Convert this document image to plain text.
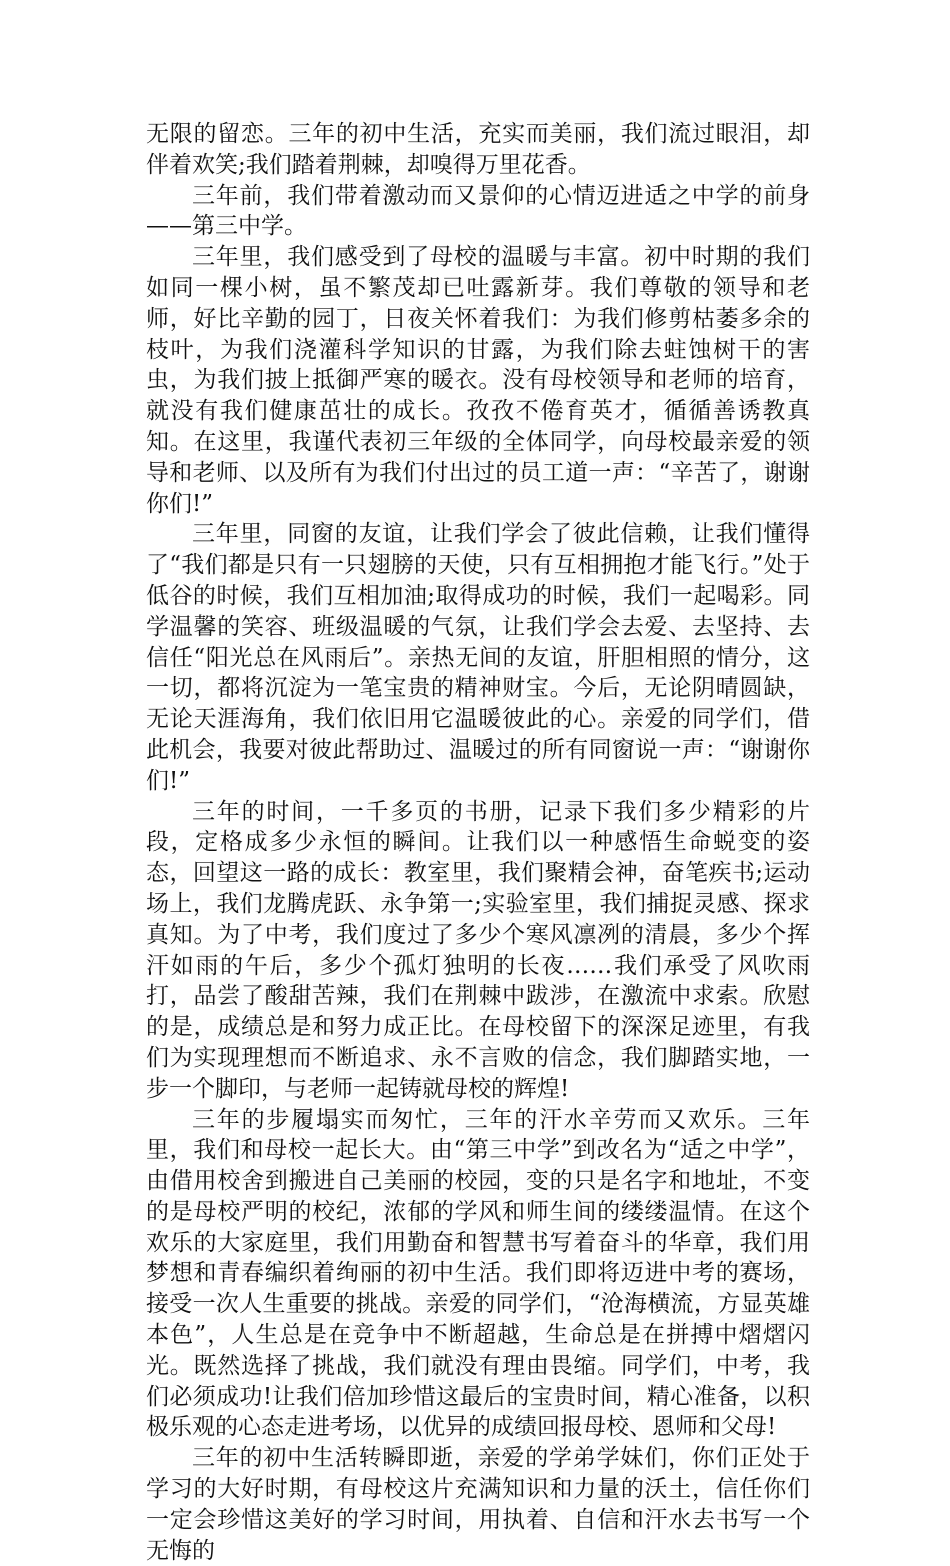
无限的留恋。三年的初中生活，充实而美丽，我们流过眼泪，却伴着欢笑;我们踏着荆棘，却嗅得万里花香。

三年前，我们带着激动而又景仰的心情迈进适之中学的前身——第三中学。

三年里，我们感受到了母校的温暖与丰富。初中时期的我们如同一棵小树，虽不繁茂却已吐露新芽。我们尊敬的领导和老师，好比辛勤的园丁，日夜关怀着我们：为我们修剪枯萎多余的枝叶，为我们浇灌科学知识的甘露，为我们除去蛀蚀树干的害虫，为我们披上抵御严寒的暖衣。没有母校领导和老师的培育，就没有我们健康茁壮的成长。孜孜不倦育英才，循循善诱教真知。在这里，我谨代表初三年级的全体同学，向母校最亲爱的领导和老师、以及所有为我们付出过的员工道一声：“辛苦了，谢谢你们!”

三年里，同窗的友谊，让我们学会了彼此信赖，让我们懂得了“我们都是只有一只翅膀的天使，只有互相拥抱才能飞行。”处于低谷的时候，我们互相加油;取得成功的时候，我们一起喝彩。同学温馨的笑容、班级温暖的气氛，让我们学会去爱、去坚持、去信任“阳光总在风雨后”。亲热无间的友谊，肝胆相照的情分，这一切，都将沉淀为一笔宝贵的精神财宝。今后，无论阴晴圆缺，无论天涯海角，我们依旧用它温暖彼此的心。亲爱的同学们，借此机会，我要对彼此帮助过、温暖过的所有同窗说一声：“谢谢你们!”

三年的时间，一千多页的书册，记录下我们多少精彩的片段，定格成多少永恒的瞬间。让我们以一种感悟生命蜕变的姿态，回望这一路的成长：教室里，我们聚精会神，奋笔疾书;运动场上，我们龙腾虎跃、永争第一;实验室里，我们捕捉灵感、探求真知。为了中考，我们度过了多少个寒风凛冽的清晨，多少个挥汗如雨的午后，多少个孤灯独明的长夜……我们承受了风吹雨打，品尝了酸甜苦辣，我们在荆棘中跋涉，在激流中求索。欣慰的是，成绩总是和努力成正比。在母校留下的深深足迹里，有我们为实现理想而不断追求、永不言败的信念，我们脚踏实地，一步一个脚印，与老师一起铸就母校的辉煌!

三年的步履塌实而匆忙，三年的汗水辛劳而又欢乐。三年里，我们和母校一起长大。由“第三中学”到改名为“适之中学”，由借用校舍到搬进自己美丽的校园，变的只是名字和地址，不变的是母校严明的校纪，浓郁的学风和师生间的缕缕温情。在这个欢乐的大家庭里，我们用勤奋和智慧书写着奋斗的华章，我们用梦想和青春编织着绚丽的初中生活。我们即将迈进中考的赛场，接受一次人生重要的挑战。亲爱的同学们，“沧海横流，方显英雄本色”，人生总是在竞争中不断超越，生命总是在拼搏中熠熠闪光。既然选择了挑战，我们就没有理由畏缩。同学们，中考，我们必须成功!让我们倍加珍惜这最后的宝贵时间，精心准备，以积极乐观的心态走进考场，以优异的成绩回报母校、恩师和父母!

三年的初中生活转瞬即逝，亲爱的学弟学妹们，你们正处于学习的大好时期，有母校这片充满知识和力量的沃土，信任你们一定会珍惜这美好的学习时间，用执着、自信和汗水去书写一个无悔的
